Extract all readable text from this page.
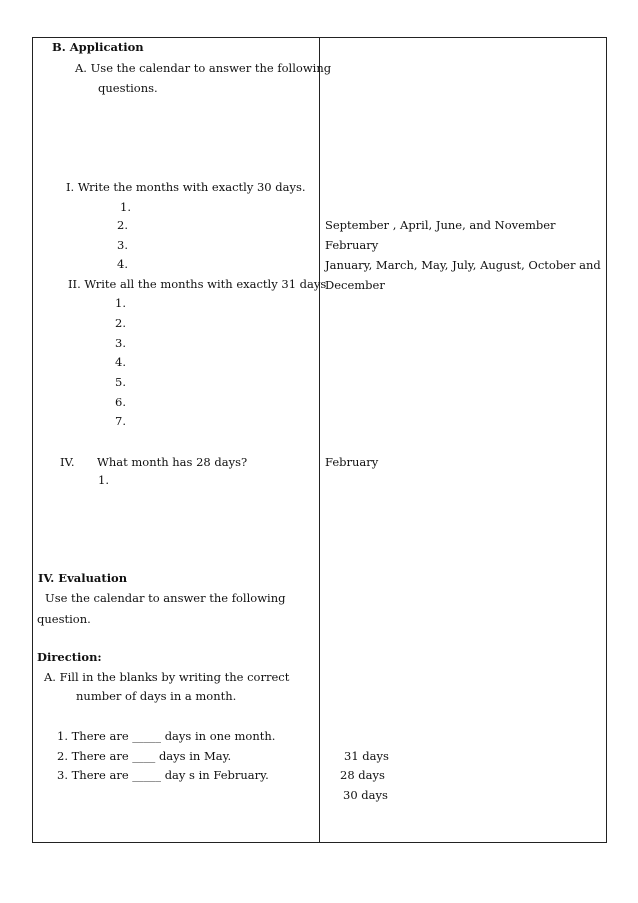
B. Application
A. Use the calendar to answer the following
questions.
I. Write the months with exactly 30 days.
1.
2.
3.
4.
II. Write all the months with exactly 31 days
1.
2.
3.
4.
5.
6.
7.
IV. What month has 28 days?
1.
IV. Evaluation
Use the calendar to answer the following
question.
Direction:
A. Fill in the blanks by writing the correct
number of days in a month.
1. There are _____ days in one month.
2. There are ____ days in May.
3. There are _____ day s in February.
September , April, June, and November
February
January, March, May, July, August, October and
December
February
31 days
28 days
30 days
